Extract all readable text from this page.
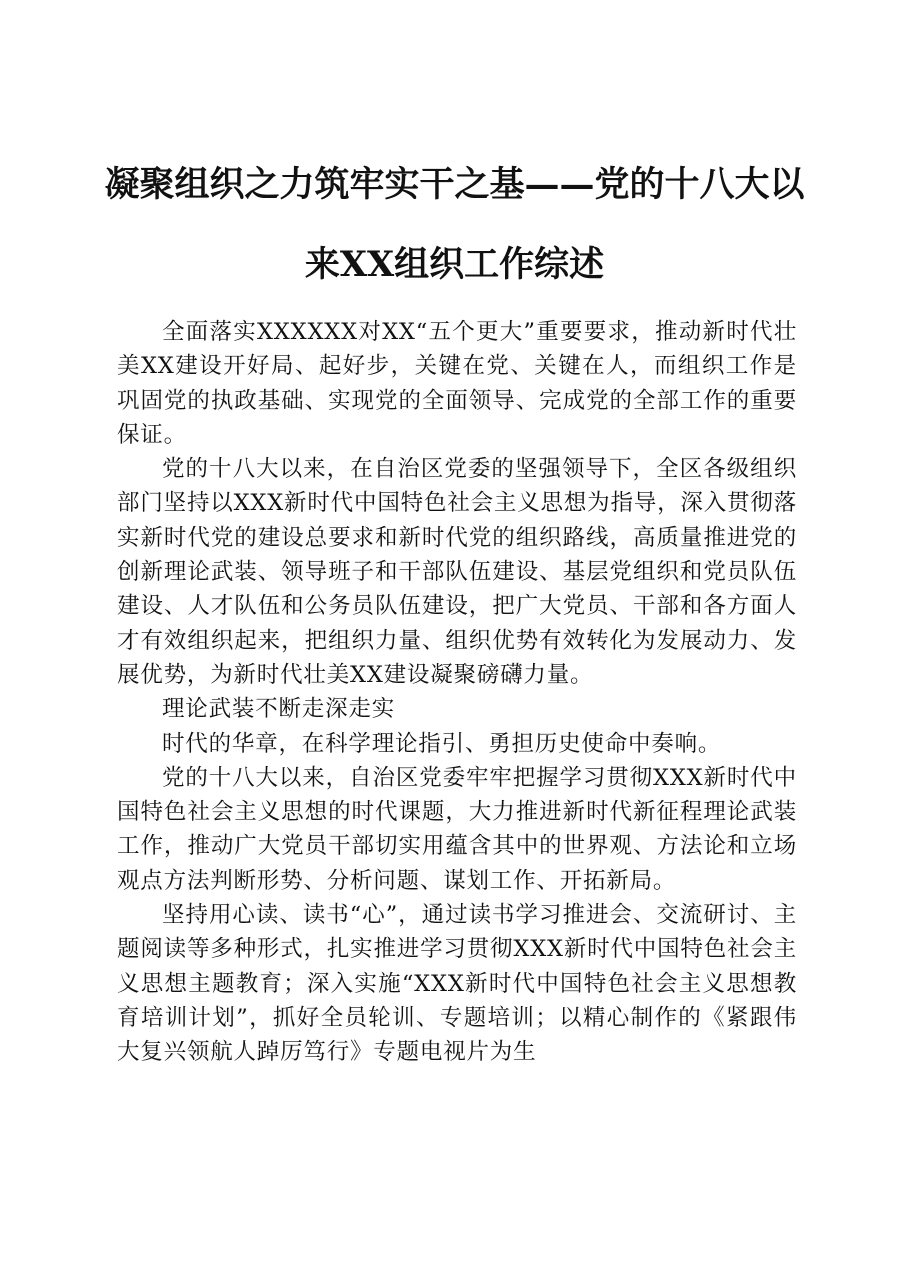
凝聚组织之力筑牢实干之基——党的十八大以
来XX组织工作综述

全面落实XXXXXX对XX“五个更大”重要要求，推动新时代壮美XX建设开好局、起好步，关键在党、关键在人，而组织工作是巩固党的执政基础、实现党的全面领导、完成党的全部工作的重要保证。

党的十八大以来，在自治区党委的坚强领导下，全区各级组织部门坚持以XXX新时代中国特色社会主义思想为指导，深入贯彻落实新时代党的建设总要求和新时代党的组织路线，高质量推进党的创新理论武装、领导班子和干部队伍建设、基层党组织和党员队伍建设、人才队伍和公务员队伍建设，把广大党员、干部和各方面人才有效组织起来，把组织力量、组织优势有效转化为发展动力、发展优势，为新时代壮美XX建设凝聚磅礴力量。

理论武装不断走深走实

时代的华章，在科学理论指引、勇担历史使命中奏响。

党的十八大以来，自治区党委牢牢把握学习贯彻XXX新时代中国特色社会主义思想的时代课题，大力推进新时代新征程理论武装工作，推动广大党员干部切实用蕴含其中的世界观、方法论和立场观点方法判断形势、分析问题、谋划工作、开拓新局。

坚持用心读、读书“心”，通过读书学习推进会、交流研讨、主题阅读等多种形式，扎实推进学习贯彻XXX新时代中国特色社会主义思想主题教育；深入实施“XXX新时代中国特色社会主义思想教育培训计划”，抓好全员轮训、专题培训；以精心制作的《紧跟伟大复兴领航人踔厉笃行》专题电视片为生
